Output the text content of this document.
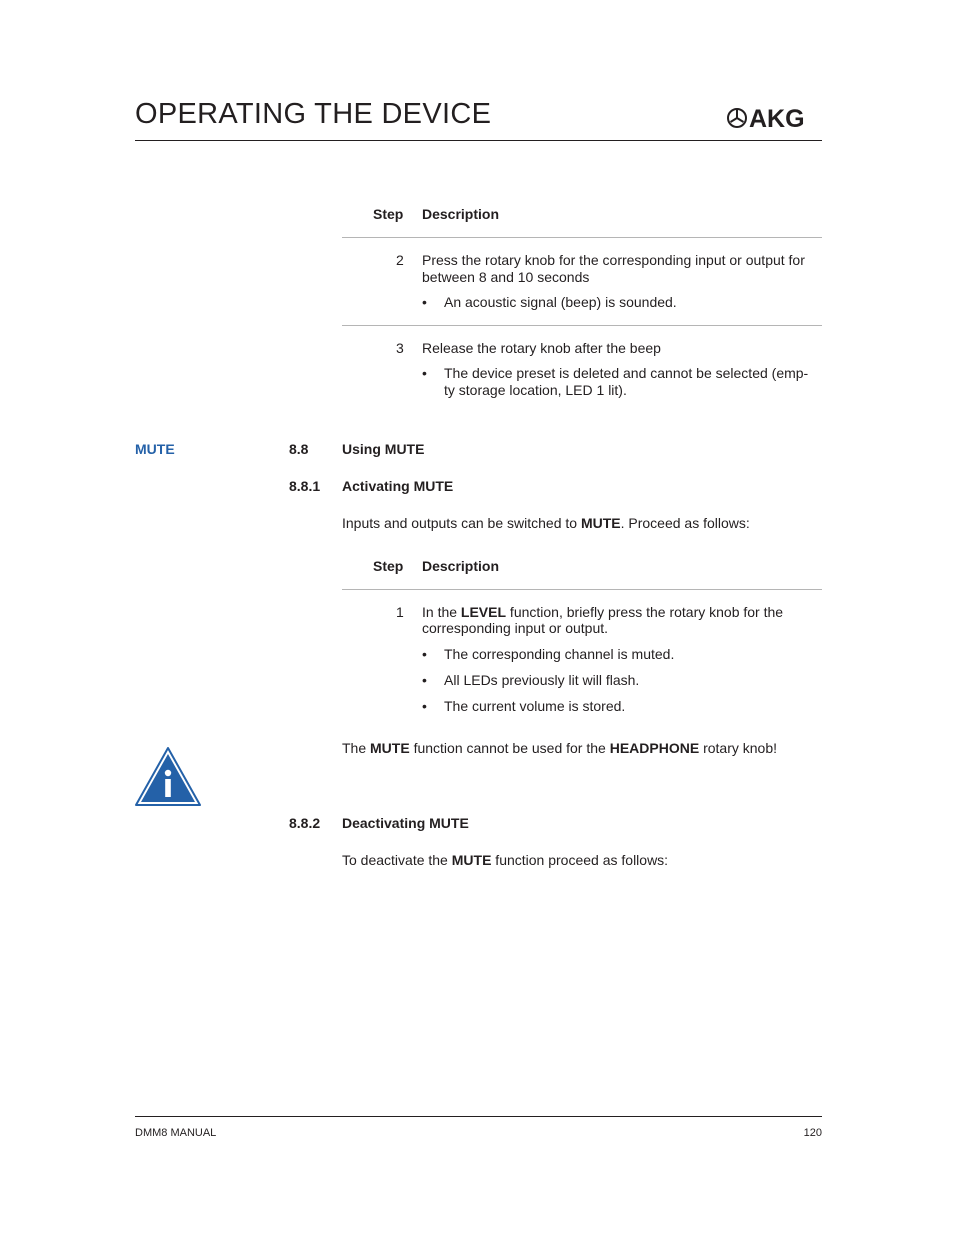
OPERATING THE DEVICE	AKG
Step Description
2 Press the rotary knob for the corresponding input or output for
between 8 and 10 seconds
• An acoustic signal (beep) is sounded.
3 Release the rotary knob after the beep
• The device preset is deleted and cannot be selected (emp-
ty storage location, LED 1 lit).
MUTE	8.8 Using MUTE
8.8.1 Activating MUTE
Inputs and outputs can be switched to MUTE. Proceed as follows:
Step Description
1 In the LEVEL function, briefly press the rotary knob for the
corresponding input or output.
• The corresponding channel is muted.
• All LEDs previously lit will flash.
• The current volume is stored.
The MUTE function cannot be used for the HEADPHONE rotary knob!
8.8.2 Deactivating MUTE
To deactivate the MUTE function proceed as follows:
DMM8 MANUAL	120
